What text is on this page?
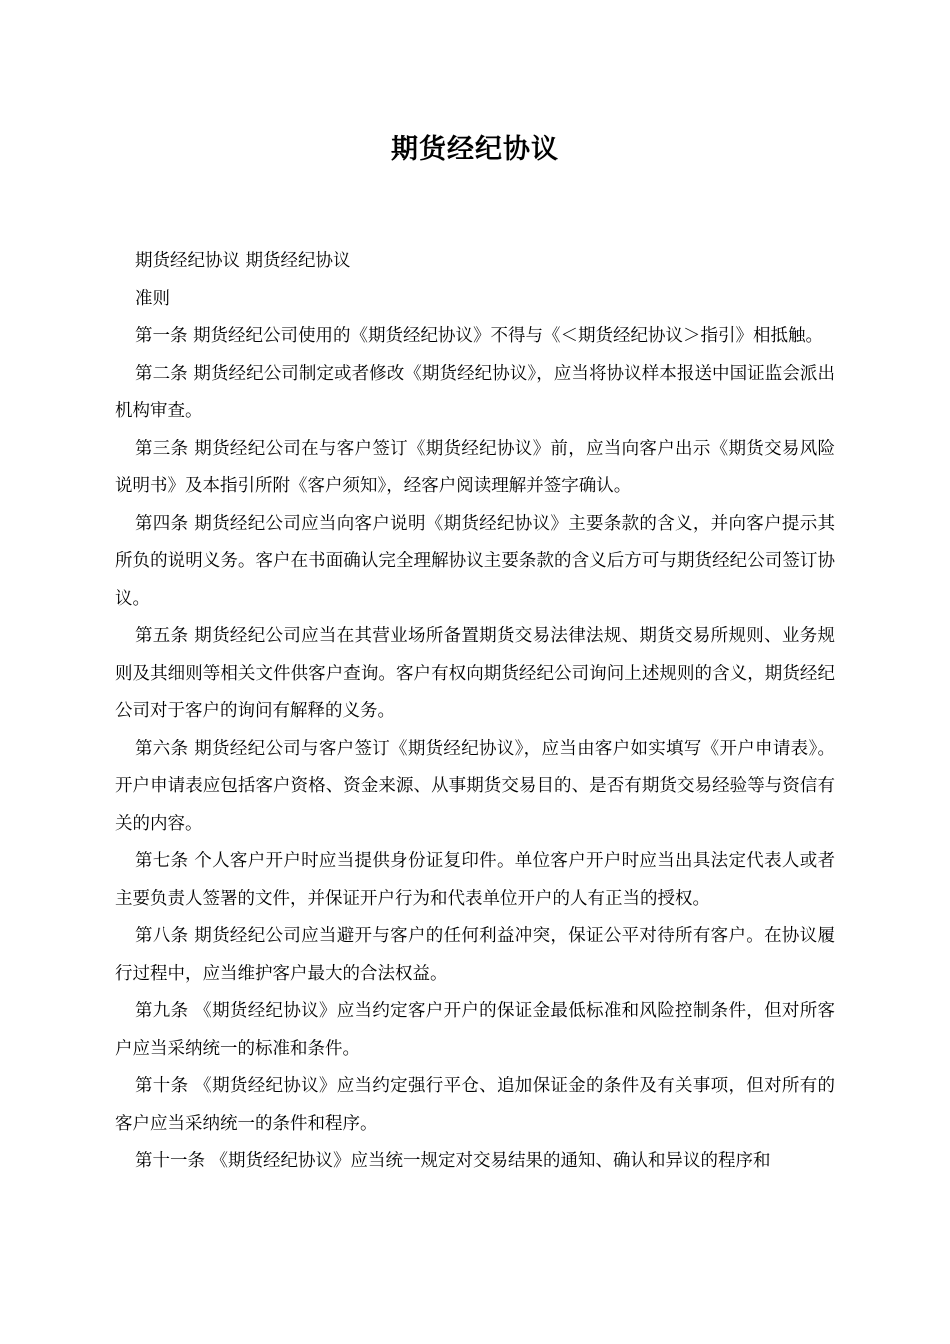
期货经纪协议

期货经纪协议 期货经纪协议

准则

第一条 期货经纪公司使用的《期货经纪协议》不得与《＜期货经纪协议＞指引》相抵触。

第二条 期货经纪公司制定或者修改《期货经纪协议》，应当将协议样本报送中国证监会派出机构审查。

第三条 期货经纪公司在与客户签订《期货经纪协议》前，应当向客户出示《期货交易风险说明书》及本指引所附《客户须知》，经客户阅读理解并签字确认。

第四条 期货经纪公司应当向客户说明《期货经纪协议》主要条款的含义，并向客户提示其所负的说明义务。客户在书面确认完全理解协议主要条款的含义后方可与期货经纪公司签订协议。

第五条 期货经纪公司应当在其营业场所备置期货交易法律法规、期货交易所规则、业务规则及其细则等相关文件供客户查询。客户有权向期货经纪公司询问上述规则的含义，期货经纪公司对于客户的询问有解释的义务。

第六条 期货经纪公司与客户签订《期货经纪协议》，应当由客户如实填写《开户申请表》。开户申请表应包括客户资格、资金来源、从事期货交易目的、是否有期货交易经验等与资信有关的内容。

第七条 个人客户开户时应当提供身份证复印件。单位客户开户时应当出具法定代表人或者主要负责人签署的文件，并保证开户行为和代表单位开户的人有正当的授权。

第八条 期货经纪公司应当避开与客户的任何利益冲突，保证公平对待所有客户。在协议履行过程中，应当维护客户最大的合法权益。

第九条 《期货经纪协议》应当约定客户开户的保证金最低标准和风险控制条件，但对所客户应当采纳统一的标准和条件。

第十条 《期货经纪协议》应当约定强行平仓、追加保证金的条件及有关事项，但对所有的客户应当采纳统一的条件和程序。

第十一条 《期货经纪协议》应当统一规定对交易结果的通知、确认和异议的程序和
